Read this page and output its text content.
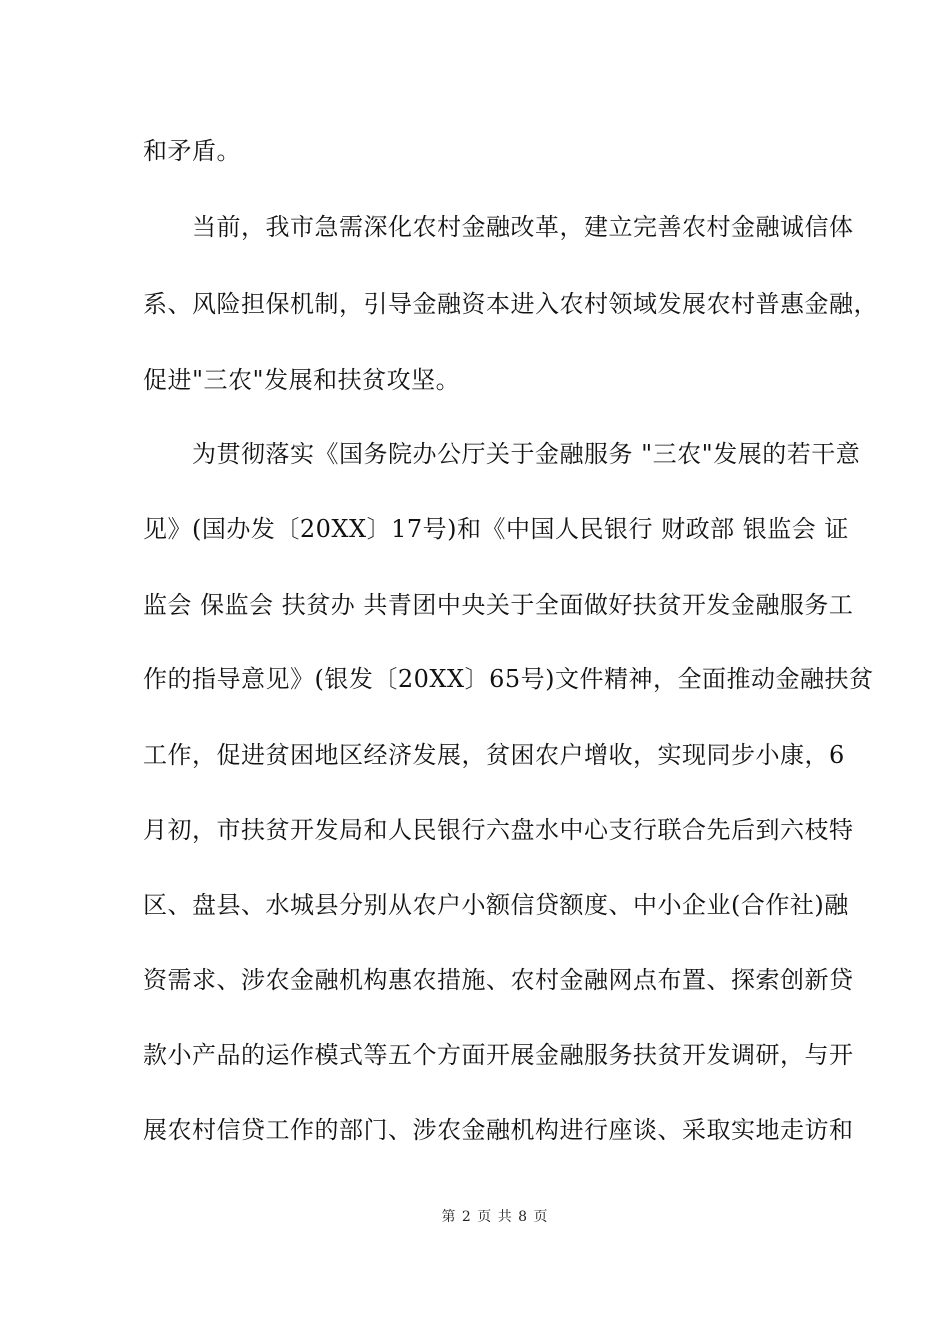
和矛盾。
　　当前，我市急需深化农村金融改革，建立完善农村金融诚信体
系、风险担保机制，引导金融资本进入农村领域发展农村普惠金融，
促进"三农"发展和扶贫攻坚。
　　为贯彻落实《国务院办公厅关于金融服务 "三农"发展的若干意
见》(国办发〔20XX〕17号)和《中国人民银行 财政部 银监会 证
监会 保监会 扶贫办 共青团中央关于全面做好扶贫开发金融服务工
作的指导意见》(银发〔20XX〕65号)文件精神，全面推动金融扶贫
工作，促进贫困地区经济发展，贫困农户增收，实现同步小康，6
月初，市扶贫开发局和人民银行六盘水中心支行联合先后到六枝特
区、盘县、水城县分别从农户小额信贷额度、中小企业(合作社)融
资需求、涉农金融机构惠农措施、农村金融网点布置、探索创新贷
款小产品的运作模式等五个方面开展金融服务扶贫开发调研，与开
展农村信贷工作的部门、涉农金融机构进行座谈、采取实地走访和
第 2 页 共 8 页
